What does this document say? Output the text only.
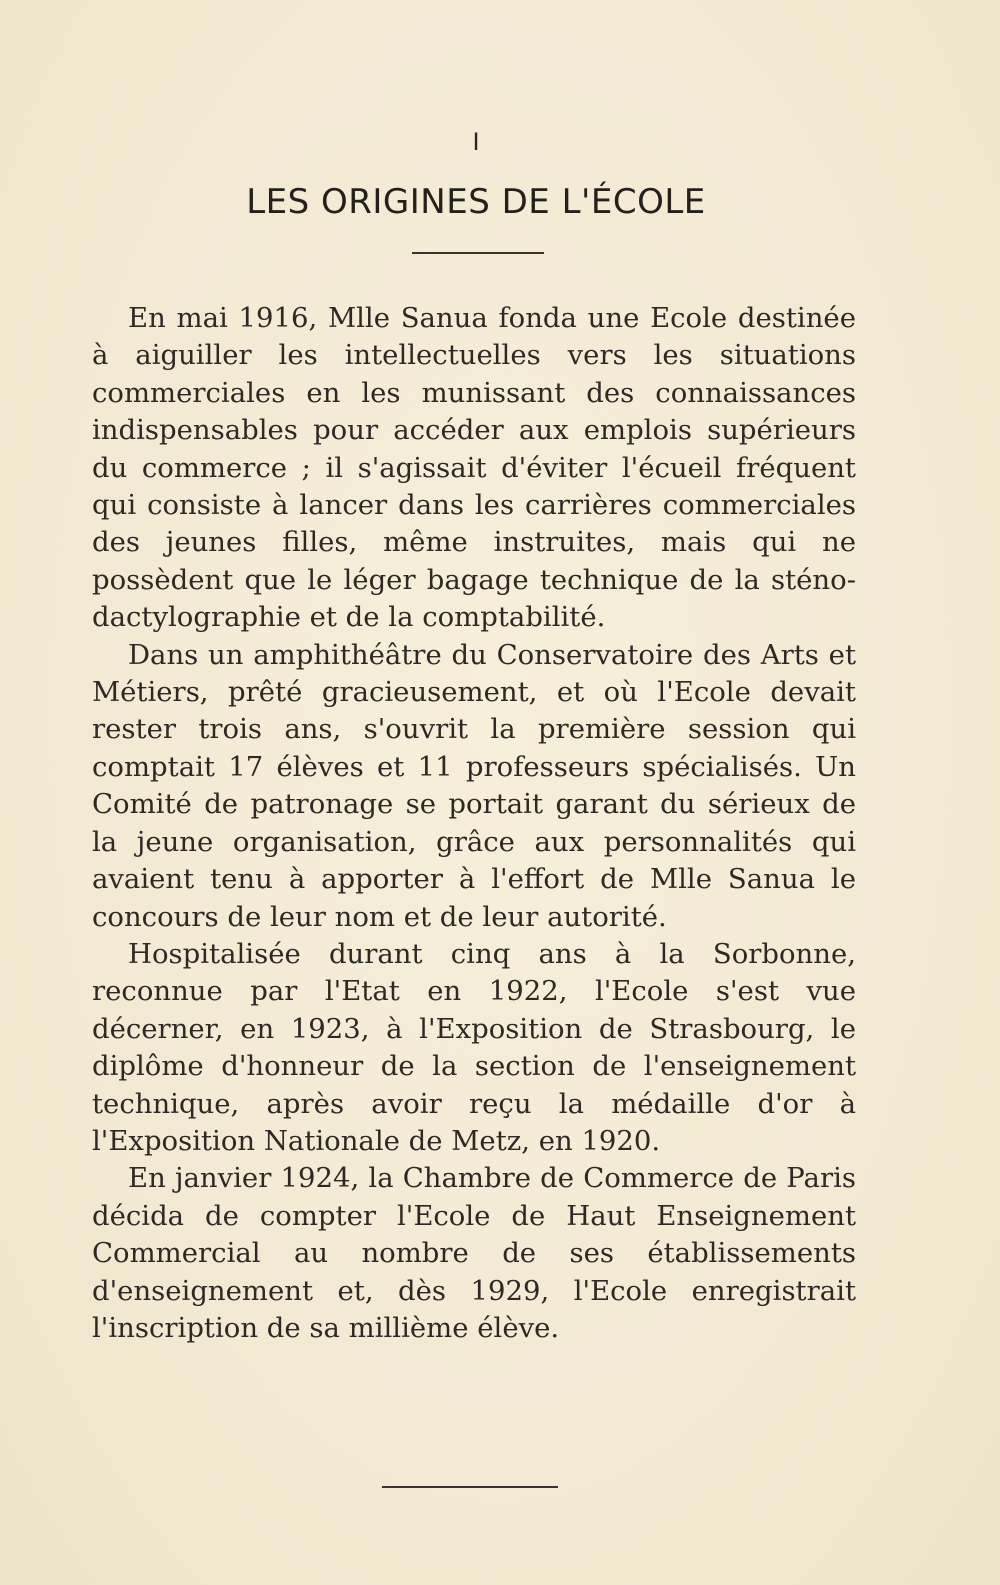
I
LES ORIGINES DE L'ÉCOLE

En mai 1916, Mlle Sanua fonda une Ecole destinée à aiguiller les intellectuelles vers les situations commerciales en les munissant des connaissances indispensables pour accéder aux emplois supérieurs du commerce ; il s'agissait d'éviter l'écueil fréquent qui consiste à lancer dans les carrières commerciales des jeunes filles, même instruites, mais qui ne possèdent que le léger bagage technique de la sténo-dactylographie et de la comptabilité.

Dans un amphithéâtre du Conservatoire des Arts et Métiers, prêté gracieusement, et où l'Ecole devait rester trois ans, s'ouvrit la première session qui comptait 17 élèves et 11 professeurs spécialisés. Un Comité de patronage se portait garant du sérieux de la jeune organisation, grâce aux personnalités qui avaient tenu à apporter à l'effort de Mlle Sanua le concours de leur nom et de leur autorité.

Hospitalisée durant cinq ans à la Sorbonne, reconnue par l'Etat en 1922, l'Ecole s'est vue décerner, en 1923, à l'Exposition de Strasbourg, le diplôme d'honneur de la section de l'enseignement technique, après avoir reçu la médaille d'or à l'Exposition Nationale de Metz, en 1920.

En janvier 1924, la Chambre de Commerce de Paris décida de compter l'Ecole de Haut Enseignement Commercial au nombre de ses établissements d'enseignement et, dès 1929, l'Ecole enregistrait l'inscription de sa millième élève.
